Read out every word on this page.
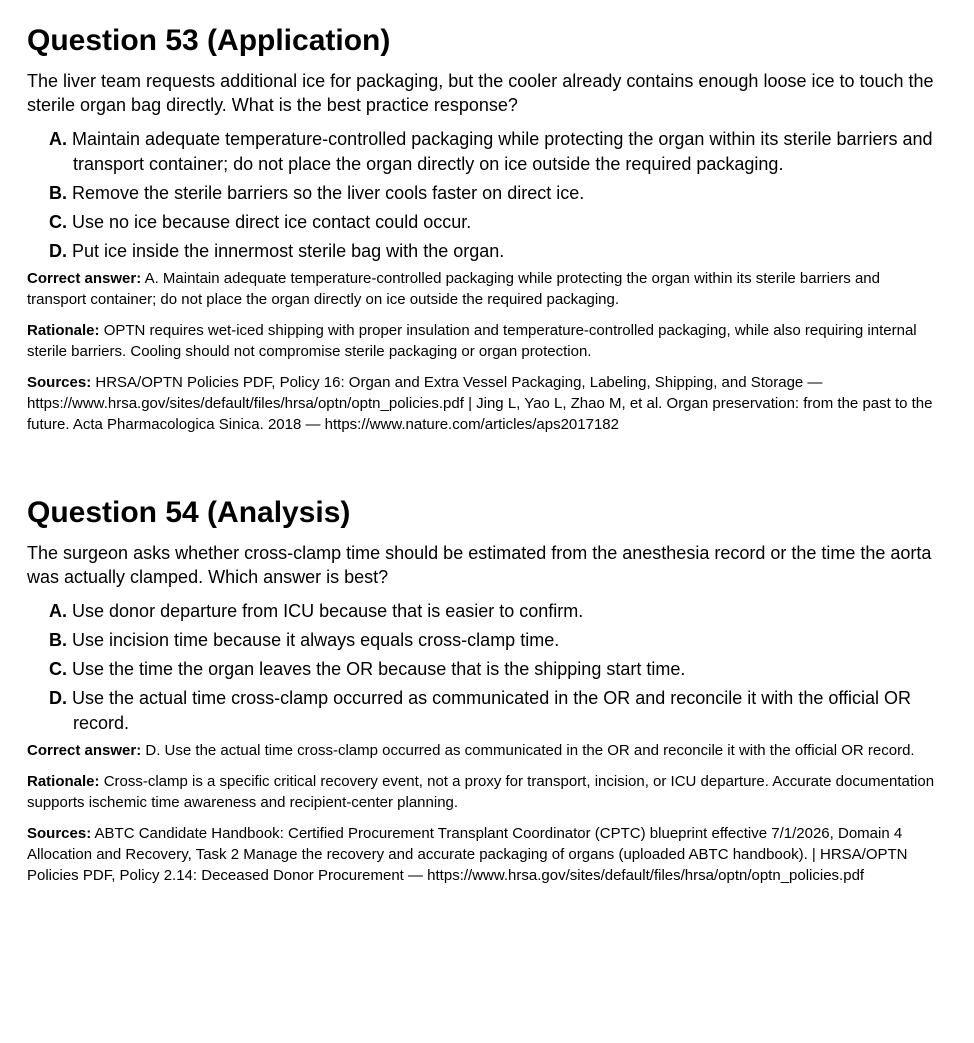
Question 53 (Application)

The liver team requests additional ice for packaging, but the cooler already contains enough loose ice to touch the sterile organ bag directly. What is the best practice response?

A. Maintain adequate temperature-controlled packaging while protecting the organ within its sterile barriers and transport container; do not place the organ directly on ice outside the required packaging.
B. Remove the sterile barriers so the liver cools faster on direct ice.
C. Use no ice because direct ice contact could occur.
D. Put ice inside the innermost sterile bag with the organ.

Correct answer: A. Maintain adequate temperature-controlled packaging while protecting the organ within its sterile barriers and transport container; do not place the organ directly on ice outside the required packaging.

Rationale: OPTN requires wet-iced shipping with proper insulation and temperature-controlled packaging, while also requiring internal sterile barriers. Cooling should not compromise sterile packaging or organ protection.

Sources: HRSA/OPTN Policies PDF, Policy 16: Organ and Extra Vessel Packaging, Labeling, Shipping, and Storage — https://www.hrsa.gov/sites/default/files/hrsa/optn/optn_policies.pdf | Jing L, Yao L, Zhao M, et al. Organ preservation: from the past to the future. Acta Pharmacologica Sinica. 2018 — https://www.nature.com/articles/aps2017182

Question 54 (Analysis)

The surgeon asks whether cross-clamp time should be estimated from the anesthesia record or the time the aorta was actually clamped. Which answer is best?

A. Use donor departure from ICU because that is easier to confirm.
B. Use incision time because it always equals cross-clamp time.
C. Use the time the organ leaves the OR because that is the shipping start time.
D. Use the actual time cross-clamp occurred as communicated in the OR and reconcile it with the official OR record.

Correct answer: D. Use the actual time cross-clamp occurred as communicated in the OR and reconcile it with the official OR record.

Rationale: Cross-clamp is a specific critical recovery event, not a proxy for transport, incision, or ICU departure. Accurate documentation supports ischemic time awareness and recipient-center planning.

Sources: ABTC Candidate Handbook: Certified Procurement Transplant Coordinator (CPTC) blueprint effective 7/1/2026, Domain 4 Allocation and Recovery, Task 2 Manage the recovery and accurate packaging of organs (uploaded ABTC handbook). | HRSA/OPTN Policies PDF, Policy 2.14: Deceased Donor Procurement — https://www.hrsa.gov/sites/default/files/hrsa/optn/optn_policies.pdf
